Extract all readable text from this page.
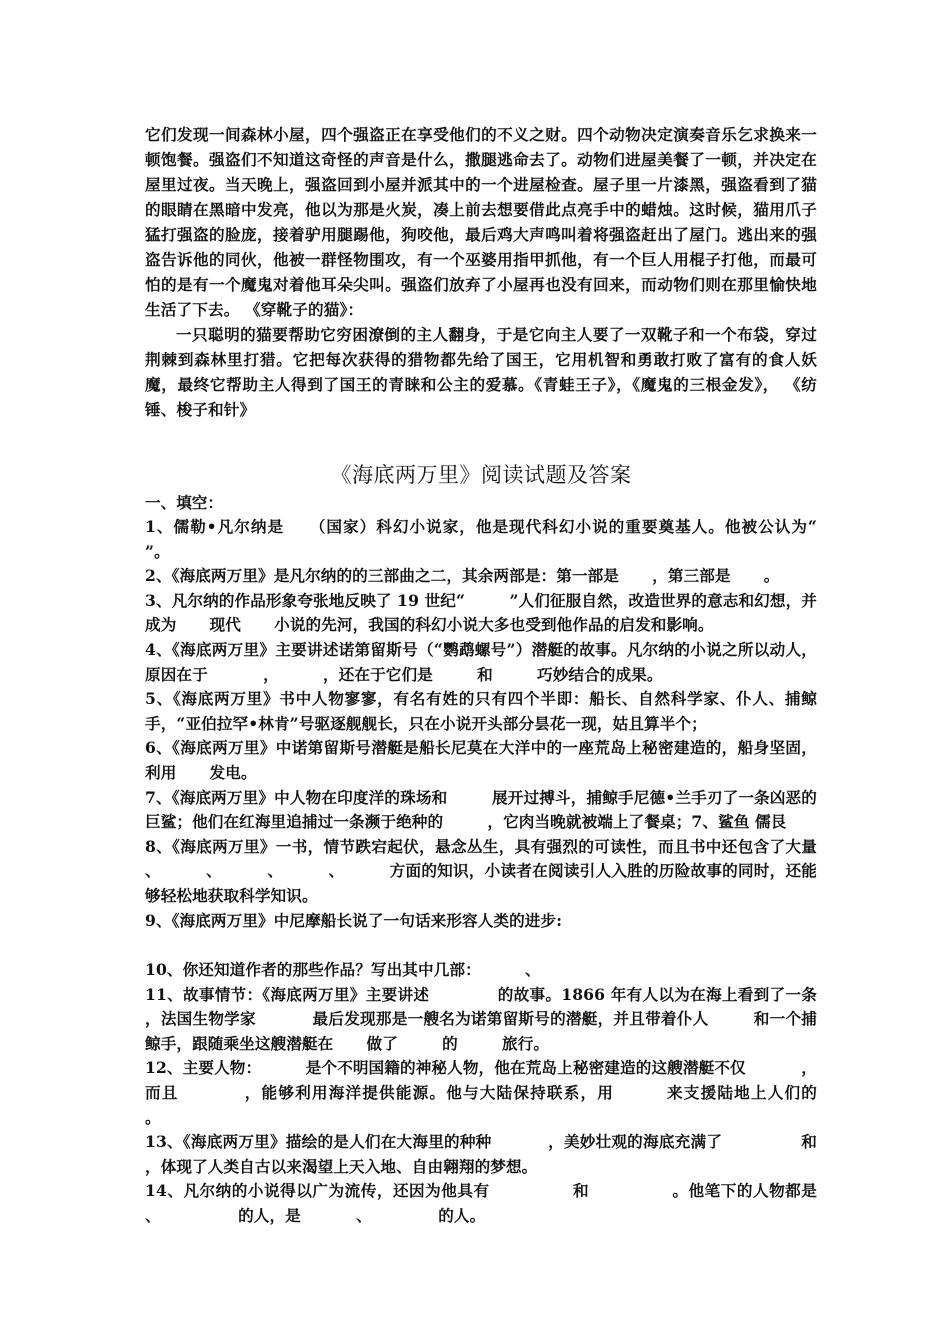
它们发现一间森林小屋，四个强盗正在享受他们的不义之财。四个动物决定演奏音乐乞求换来一顿饱餐。强盗们不知道这奇怪的声音是什么，撒腿逃命去了。动物们进屋美餐了一顿，并决定在屋里过夜。当天晚上，强盗回到小屋并派其中的一个进屋检查。屋子里一片漆黑，强盗看到了猫的眼睛在黑暗中发亮，他以为那是火炭，凑上前去想要借此点亮手中的蜡烛。这时候，猫用爪子猛打强盗的脸庞，接着驴用腿踢他，狗咬他，最后鸡大声鸣叫着将强盗赶出了屋门。逃出来的强盗告诉他的同伙，他被一群怪物围攻，有一个巫婆用指甲抓他，有一个巨人用棍子打他，而最可怕的是有一个魔鬼对着他耳朵尖叫。强盗们放弃了小屋再也没有回来，而动物们则在那里愉快地生活了下去。 《穿靴子的猫》：

一只聪明的猫要帮助它穷困潦倒的主人翻身，于是它向主人要了一双靴子和一个布袋，穿过荆棘到森林里打猎。它把每次获得的猎物都先给了国王，它用机智和勇敢打败了富有的食人妖魔，最终它帮助主人得到了国王的青睐和公主的爱慕。《青蛙王子》，《魔鬼的三根金发》， 《纺锤、梭子和针》

《海底两万里》阅读试题及答案

一、填空：

1、儒勒•凡尔纳是    （国家）科幻小说家，他是现代科幻小说的重要奠基人。他被公认为“    ”。

2、《海底两万里》是凡尔纳的的三部曲之二，其余两部是：第一部是      ，第三部是      。

3、凡尔纳的作品形象夸张地反映了 19 世纪“        ”人们征服自然，改造世界的意志和幻想，并成为      现代      小说的先河，我国的科幻小说大多也受到他作品的启发和影响。

4、《海底两万里》主要讲述诺第留斯号（“鹦鹉螺号”）潜艇的故事。凡尔纳的小说之所以动人，原因在于          ，        ，还在于它们是        和        巧妙结合的成果。

5、《海底两万里》书中人物寥寥，有名有姓的只有四个半即：船长、自然科学家、仆人、捕鲸手，“亚伯拉罕•林肯”号驱逐舰舰长，只在小说开头部分昙花一现，姑且算半个；

6、《海底两万里》中诺第留斯号潜艇是船长尼莫在大洋中的一座荒岛上秘密建造的，船身坚固，利用      发电。

7、《海底两万里》中人物在印度洋的珠场和        展开过搏斗，捕鲸手尼德•兰手刃了一条凶恶的巨鲨；他们在红海里追捕过一条濒于绝种的        ，它肉当晚就被端上了餐桌；7、鲨鱼 儒艮

8、《海底两万里》一书，情节跌宕起伏，悬念丛生，具有强烈的可读性，而且书中还包含了大量      、        、        、        、        方面的知识，小读者在阅读引人入胜的历险故事的同时，还能够轻松地获取科学知识。

9、《海底两万里》中尼摩船长说了一句话来形容人类的进步:

10、你还知道作者的那些作品？写出其中几部：        、

11、故事情节：《海底两万里》主要讲述            的故事。1866 年有人以为在海上看到了一条        ，法国生物学家          最后发现那是一艘名为诺第留斯号的潜艇，并且带着仆人        和一个捕鲸手，跟随乘坐这艘潜艇在      做了        的        旅行。

12、主要人物：        是个不明国籍的神秘人物，他在荒岛上秘密建造的这艘潜艇不仅          ，而且          ，能够利用海洋提供能源。他与大陆保持联系，用        来支援陆地上人们的          。

13、《海底两万里》描绘的是人们在大海里的种种          ，美妙壮观的海底充满了              和              ，体现了人类自古以来渴望上天入地、自由翱翔的梦想。

14、凡尔纳的小说得以广为流传，还因为他具有              和              。他笔下的人物都是              、              的人，是          、            的人。
